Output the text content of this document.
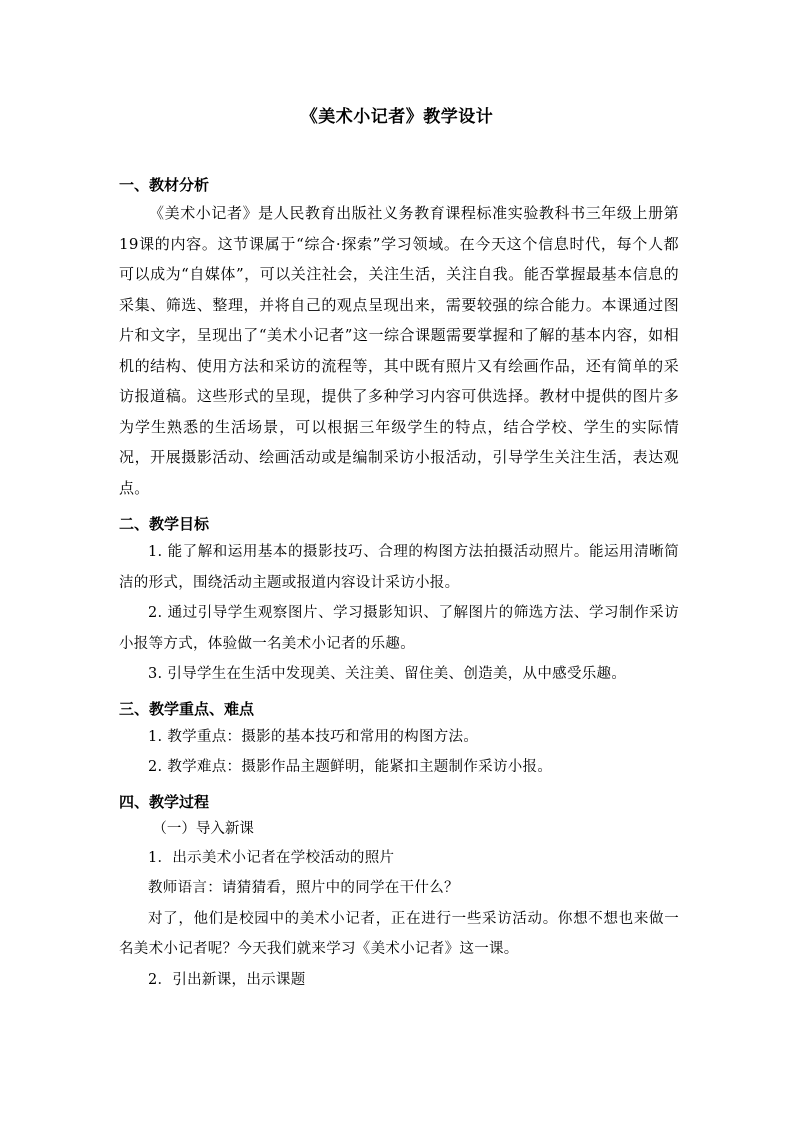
《美术小记者》教学设计

一、教材分析

《美术小记者》是人民教育出版社义务教育课程标准实验教科书三年级上册第19课的内容。这节课属于“综合·探索”学习领域。在今天这个信息时代，每个人都可以成为“自媒体”，可以关注社会，关注生活，关注自我。能否掌握最基本信息的采集、筛选、整理，并将自己的观点呈现出来，需要较强的综合能力。本课通过图片和文字，呈现出了“美术小记者”这一综合课题需要掌握和了解的基本内容，如相机的结构、使用方法和采访的流程等，其中既有照片又有绘画作品，还有简单的采访报道稿。这些形式的呈现，提供了多种学习内容可供选择。教材中提供的图片多为学生熟悉的生活场景，可以根据三年级学生的特点，结合学校、学生的实际情况，开展摄影活动、绘画活动或是编制采访小报活动，引导学生关注生活，表达观点。

二、教学目标

1. 能了解和运用基本的摄影技巧、合理的构图方法拍摄活动照片。能运用清晰简洁的形式，围绕活动主题或报道内容设计采访小报。

2. 通过引导学生观察图片、学习摄影知识、了解图片的筛选方法、学习制作采访小报等方式，体验做一名美术小记者的乐趣。

3. 引导学生在生活中发现美、关注美、留住美、创造美，从中感受乐趣。

三、教学重点、难点

1. 教学重点：摄影的基本技巧和常用的构图方法。

2. 教学难点：摄影作品主题鲜明，能紧扣主题制作采访小报。

四、教学过程

（一）导入新课

1．出示美术小记者在学校活动的照片

教师语言：请猜猜看，照片中的同学在干什么？

对了，他们是校园中的美术小记者，正在进行一些采访活动。你想不想也来做一名美术小记者呢？今天我们就来学习《美术小记者》这一课。

2．引出新课，出示课题
